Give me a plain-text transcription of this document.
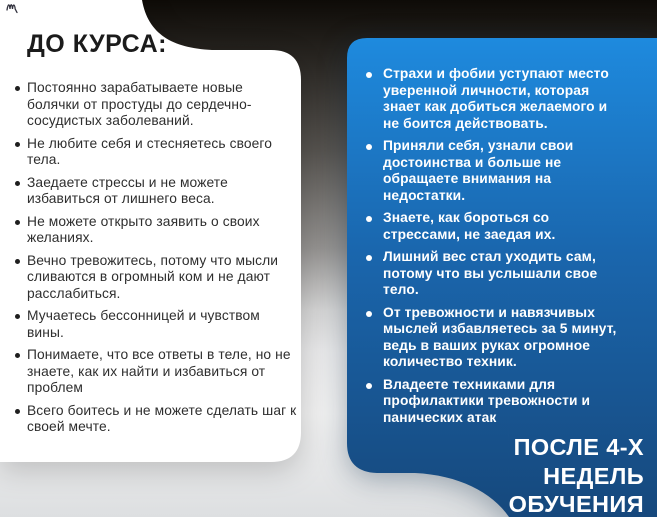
ДО КУРСА:
Постоянно зарабатываете новые болячки от простуды до сердечно-сосудистых заболеваний.
Не любите себя и стесняетесь своего тела.
Заедаете стрессы и не можете избавиться от лишнего веса.
Не можете открыто заявить о своих желаниях.
Вечно тревожитесь, потому что мысли сливаются в огромный ком и не дают расслабиться.
Мучаетесь бессонницей и чувством вины.
Понимаете, что все ответы в теле, но не знаете, как их найти и избавиться от проблем
Всего боитесь и не можете сделать шаг к своей мечте.
Страхи и фобии уступают место уверенной личности, которая знает как добиться желаемого и не боится действовать.
Приняли себя, узнали свои достоинства и больше не обращаете внимания на недостатки.
Знаете, как бороться со стрессами, не заедая их.
Лишний вес стал уходить сам, потому что вы услышали свое тело.
От тревожности и навязчивых мыслей избавляетесь за 5 минут, ведь в ваших руках огромное количество техник.
Владеете техниками для профилактики тревожности и панических атак
ПОСЛЕ 4-Х
НЕДЕЛЬ
ОБУЧЕНИЯ
